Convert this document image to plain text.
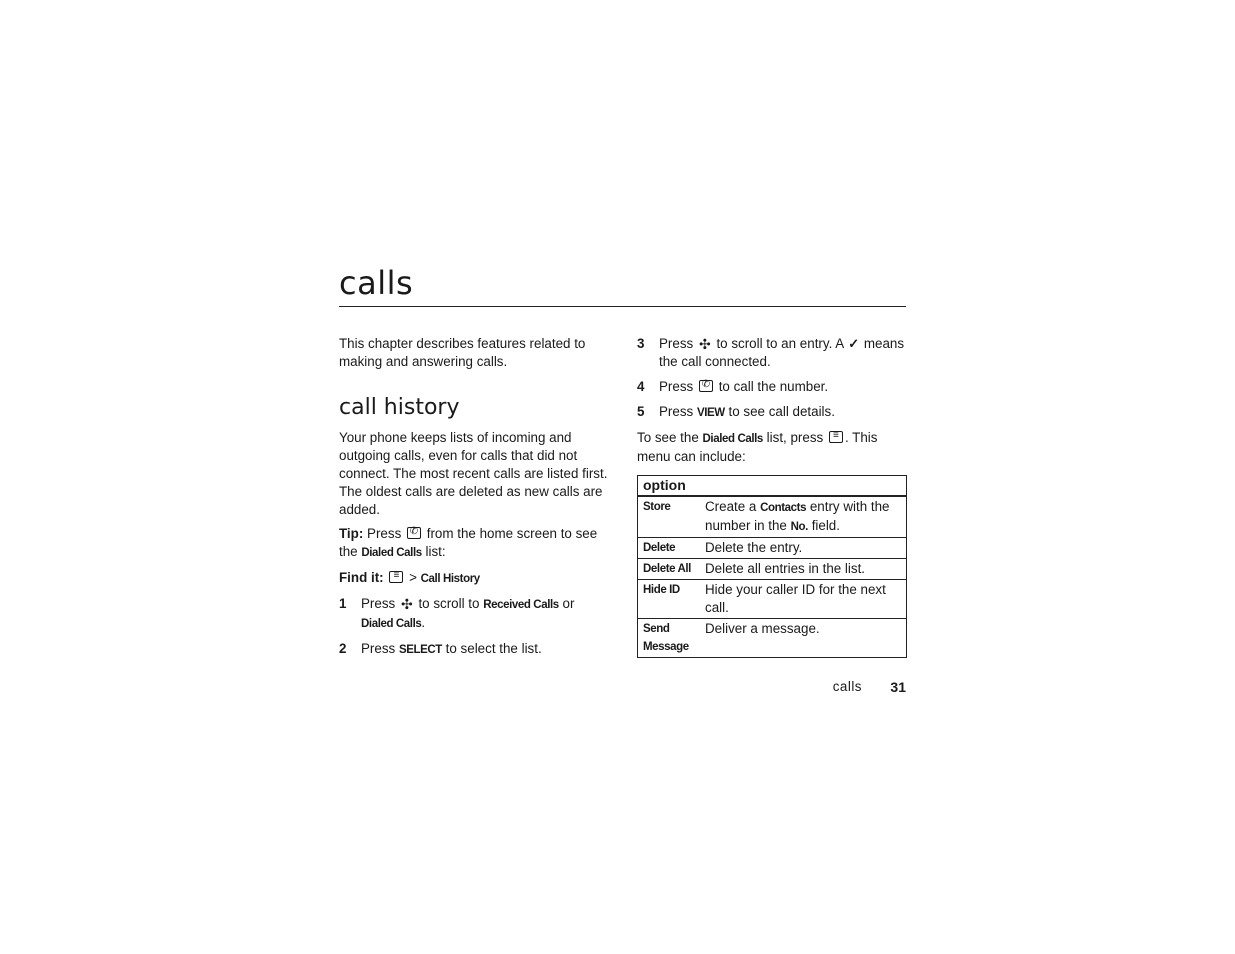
calls

This chapter describes features related to making and answering calls.

call history

Your phone keeps lists of incoming and outgoing calls, even for calls that did not connect. The most recent calls are listed first. The oldest calls are deleted as new calls are added.

Tip: Press ✆ from the home screen to see the Dialed Calls list:

Find it: ≡ > Call History

1	Press ✣ to scroll to Received Calls or Dialed Calls.
2	Press SELECT to select the list.
3	Press ✣ to scroll to an entry. A ✓ means the call connected.
4	Press ✆ to call the number.
5	Press VIEW to see call details.

To see the Dialed Calls list, press ≡ . This menu can include:

option	
Store	Create a Contacts entry with the number in the No. field.
Delete	Delete the entry.
Delete All	Delete all entries in the list.
Hide ID	Hide your caller ID for the next call.
Send Message	Deliver a message.
calls 31
